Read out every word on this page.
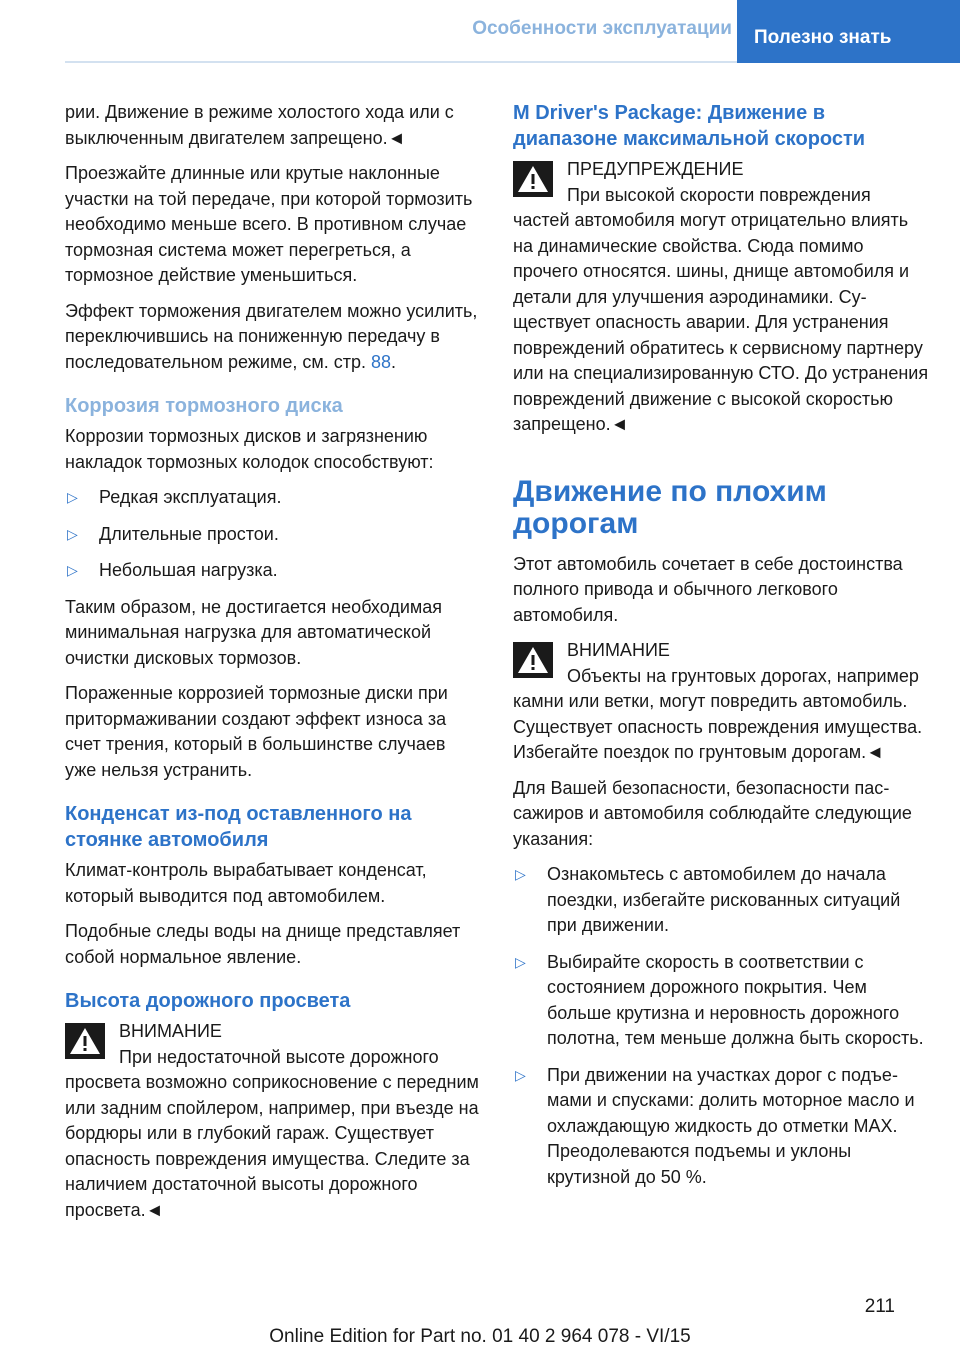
Особенности эксплуатации	Полезно знать

рии. Движение в режиме холостого хода или с выключенным двигателем запрещено.◄

Проезжайте длинные или крутые наклонные участки на той передаче, при которой тормозить необходимо меньше всего. В противном случае тормозная система может перегреться, а тормозное действие уменьшиться.

Эффект торможения двигателем можно усилить, переключившись на пониженную передачу в последовательном режиме, см. стр. 88.

Коррозия тормозного диска

Коррозии тормозных дисков и загрязнению накладок тормозных колодок способствуют:

▷ Редкая эксплуатация.
▷ Длительные простои.
▷ Небольшая нагрузка.

Таким образом, не достигается необходимая минимальная нагрузка для автоматической очистки дисковых тормозов.

Пораженные коррозией тормозные диски при притормаживании создают эффект износа за счет трения, который в большинстве случаев уже нельзя устранить.

Конденсат из-под оставленного на стоянке автомобиля

Климат-контроль вырабатывает конденсат, который выводится под автомобилем.

Подобные следы воды на днище представляет собой нормальное явление.

Высота дорожного просвета

ВНИМАНИЕ

При недостаточной высоте дорожного просвета возможно соприкосновение с передним или задним спойлером, например, при въезде на бордюры или в глубокий гараж. Существует опасность повреждения имущества. Следите за наличием достаточной высоты дорожного просвета.◄

M Driver's Package: Движение в диапазоне максимальной скорости

ПРЕДУПРЕЖДЕНИЕ

При высокой скорости повреждения частей автомобиля могут отрицательно влиять на динамические свойства. Сюда помимо прочего относятся. шины, днище автомобиля и детали для улучшения аэродинамики. Существует опасность аварии. Для устранения повреждений обратитесь к сервисному партнеру или на специализированную СТО. До устранения повреждений движение с высокой скоростью запрещено.◄

Движение по плохим дорогам

Этот автомобиль сочетает в себе достоинства полного привода и обычного легкового автомобиля.

ВНИМАНИЕ

Объекты на грунтовых дорогах, например камни или ветки, могут повредить автомобиль. Существует опасность повреждения имущества. Избегайте поездок по грунтовым дорогам.◄

Для Вашей безопасности, безопасности пассажиров и автомобиля соблюдайте следующие указания:

▷ Ознакомьтесь с автомобилем до начала поездки, избегайте рискованных ситуаций при движении.
▷ Выбирайте скорость в соответствии с состоянием дорожного покрытия. Чем больше крутизна и неровность дорожного полотна, тем меньше должна быть скорость.
▷ При движении на участках дорог с подъемами и спусками: долить моторное масло и охлаждающую жидкость до отметки MAX. Преодолеваются подъемы и уклоны крутизной до 50 %.
211
Online Edition for Part no. 01 40 2 964 078 - VI/15
